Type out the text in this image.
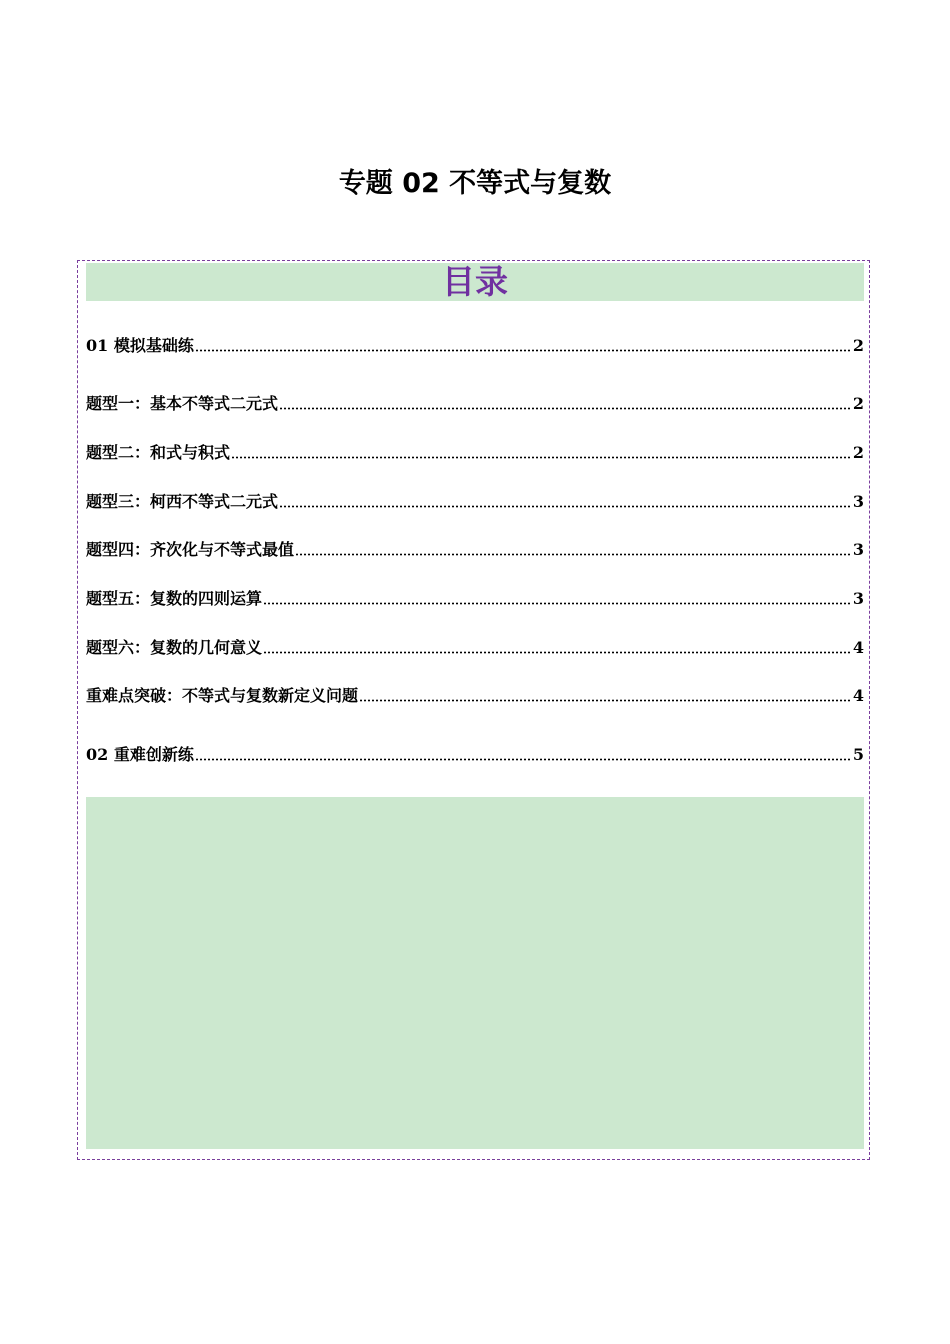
专题 02 不等式与复数
目录
01 模拟基础练	2
题型一：基本不等式二元式	2
题型二：和式与积式	2
题型三：柯西不等式二元式	3
题型四：齐次化与不等式最值	3
题型五：复数的四则运算	3
题型六：复数的几何意义	4
重难点突破：不等式与复数新定义问题	4
02 重难创新练	5
